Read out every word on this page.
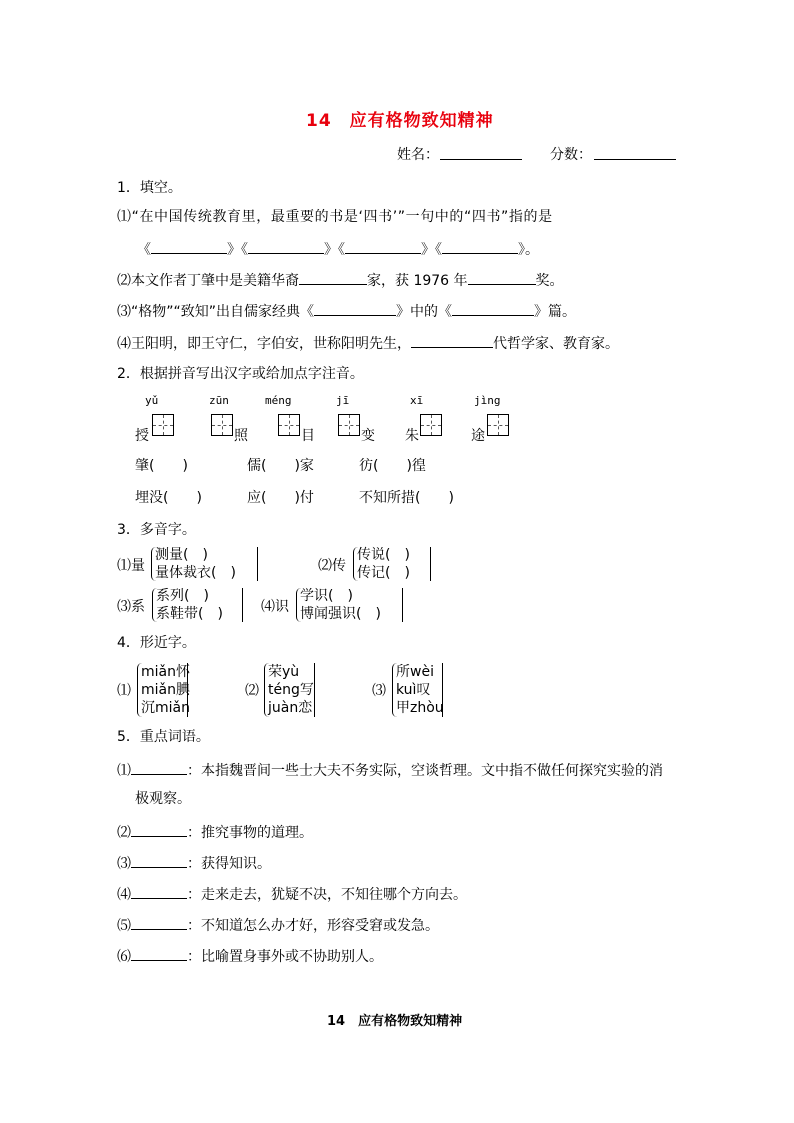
14　应有格物致知精神
姓名：	分数：
1．填空。
⑴“在中国传统教育里，最重要的书是‘四书’”一句中的“四书”指的是
《	》《	》《	》《	》。
⑵本文作者丁肇中是美籍华裔	家，获 1976 年	奖。
⑶“格物”“致知”出自儒家经典《	》中的《	》篇。
⑷王阳明，即王守仁，字伯安，世称阳明先生，	代哲学家、教育家。
2．根据拼音写出汉字或给加点字注音。
yǔ	zūn	méng	jī	xī	jìng
授	照	目	变 朱	途
肇(　　)	儒(　　)家	彷(　　)徨
埋没(　　)	应(　　)付	不知所措(　　)
3．多音字。
⑴量
测量(　)
量体裁衣(　)	⑵传
传说(　)
传记(　)
⑶系
系列(　)
系鞋带(　)	⑷识
学识(　)
博闻强识(　)
4．形近字。
⑴
miǎn怀
miǎn腆
沉miǎn
⑵
荣yù
téng写
juàn恋
⑶
所wèi
kuì叹
甲zhòu
5．重点词语。
⑴	：本指魏晋间一些士大夫不务实际，空谈哲理。文中指不做任何探究实验的消
极观察。
⑵	：推究事物的道理。
⑶	：获得知识。
⑷	：走来走去，犹疑不决，不知往哪个方向去。
⑸	：不知道怎么办才好，形容受窘或发急。
⑹	：比喻置身事外或不协助别人。
14　应有格物致知精神
